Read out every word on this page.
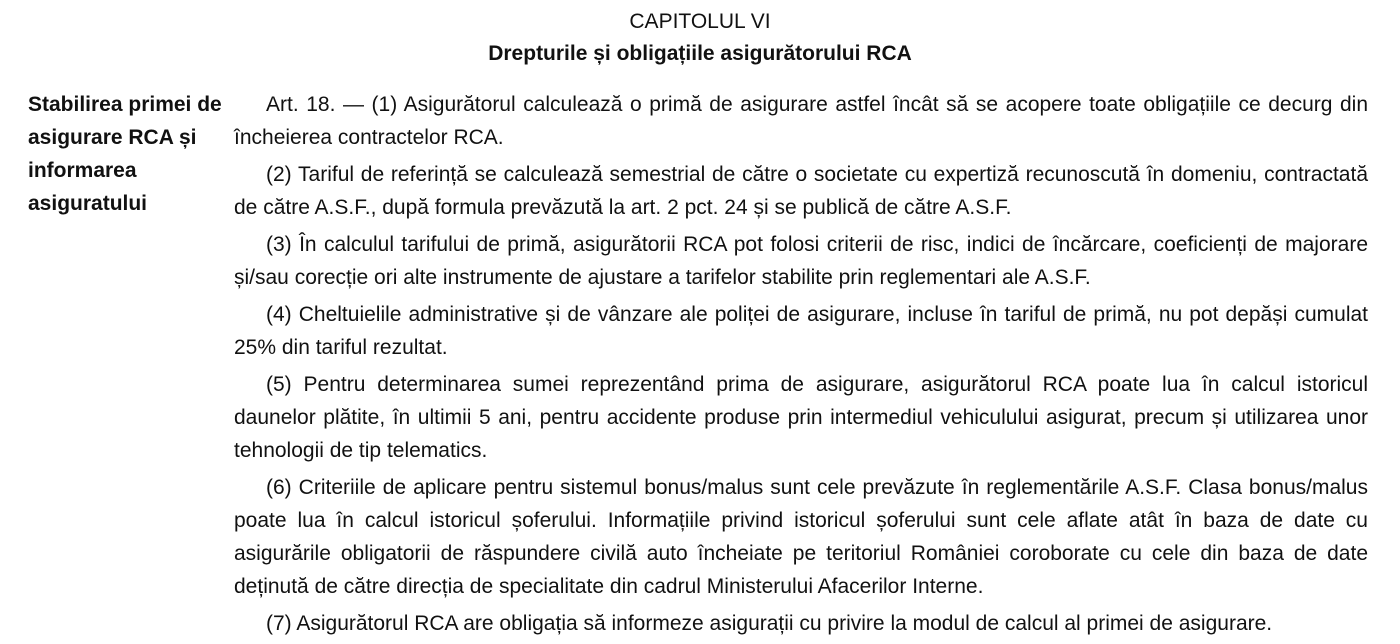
CAPITOLUL VI
Drepturile și obligațiile asigurătorului RCA
Stabilirea primei de asigurare RCA și informarea asiguratului

Art. 18. — (1) Asigurătorul calculează o primă de asigurare astfel încât să se acopere toate obligațiile ce decurg din încheierea contractelor RCA.

(2) Tariful de referință se calculează semestrial de către o societate cu expertiză recunoscută în domeniu, contractată de către A.S.F., după formula prevăzută la art. 2 pct. 24 și se publică de către A.S.F.

(3) În calculul tarifului de primă, asigurătorii RCA pot folosi criterii de risc, indici de încărcare, coeficienți de majorare și/sau corecție ori alte instrumente de ajustare a tarifelor stabilite prin reglementari ale A.S.F.

(4) Cheltuielile administrative și de vânzare ale poliței de asigurare, incluse în tariful de primă, nu pot depăși cumulat 25% din tariful rezultat.

(5) Pentru determinarea sumei reprezentând prima de asigurare, asigurătorul RCA poate lua în calcul istoricul daunelor plătite, în ultimii 5 ani, pentru accidente produse prin intermediul vehiculului asigurat, precum și utilizarea unor tehnologii de tip telematics.

(6) Criteriile de aplicare pentru sistemul bonus/malus sunt cele prevăzute în reglementările A.S.F. Clasa bonus/malus poate lua în calcul istoricul șoferului. Informațiile privind istoricul șoferului sunt cele aflate atât în baza de date cu asigurările obligatorii de răspundere civilă auto încheiate pe teritoriul României coroborate cu cele din baza de date deținută de către direcția de specialitate din cadrul Ministerului Afacerilor Interne.

(7) Asigurătorul RCA are obligația să informeze asigurații cu privire la modul de calcul al primei de asigurare.
